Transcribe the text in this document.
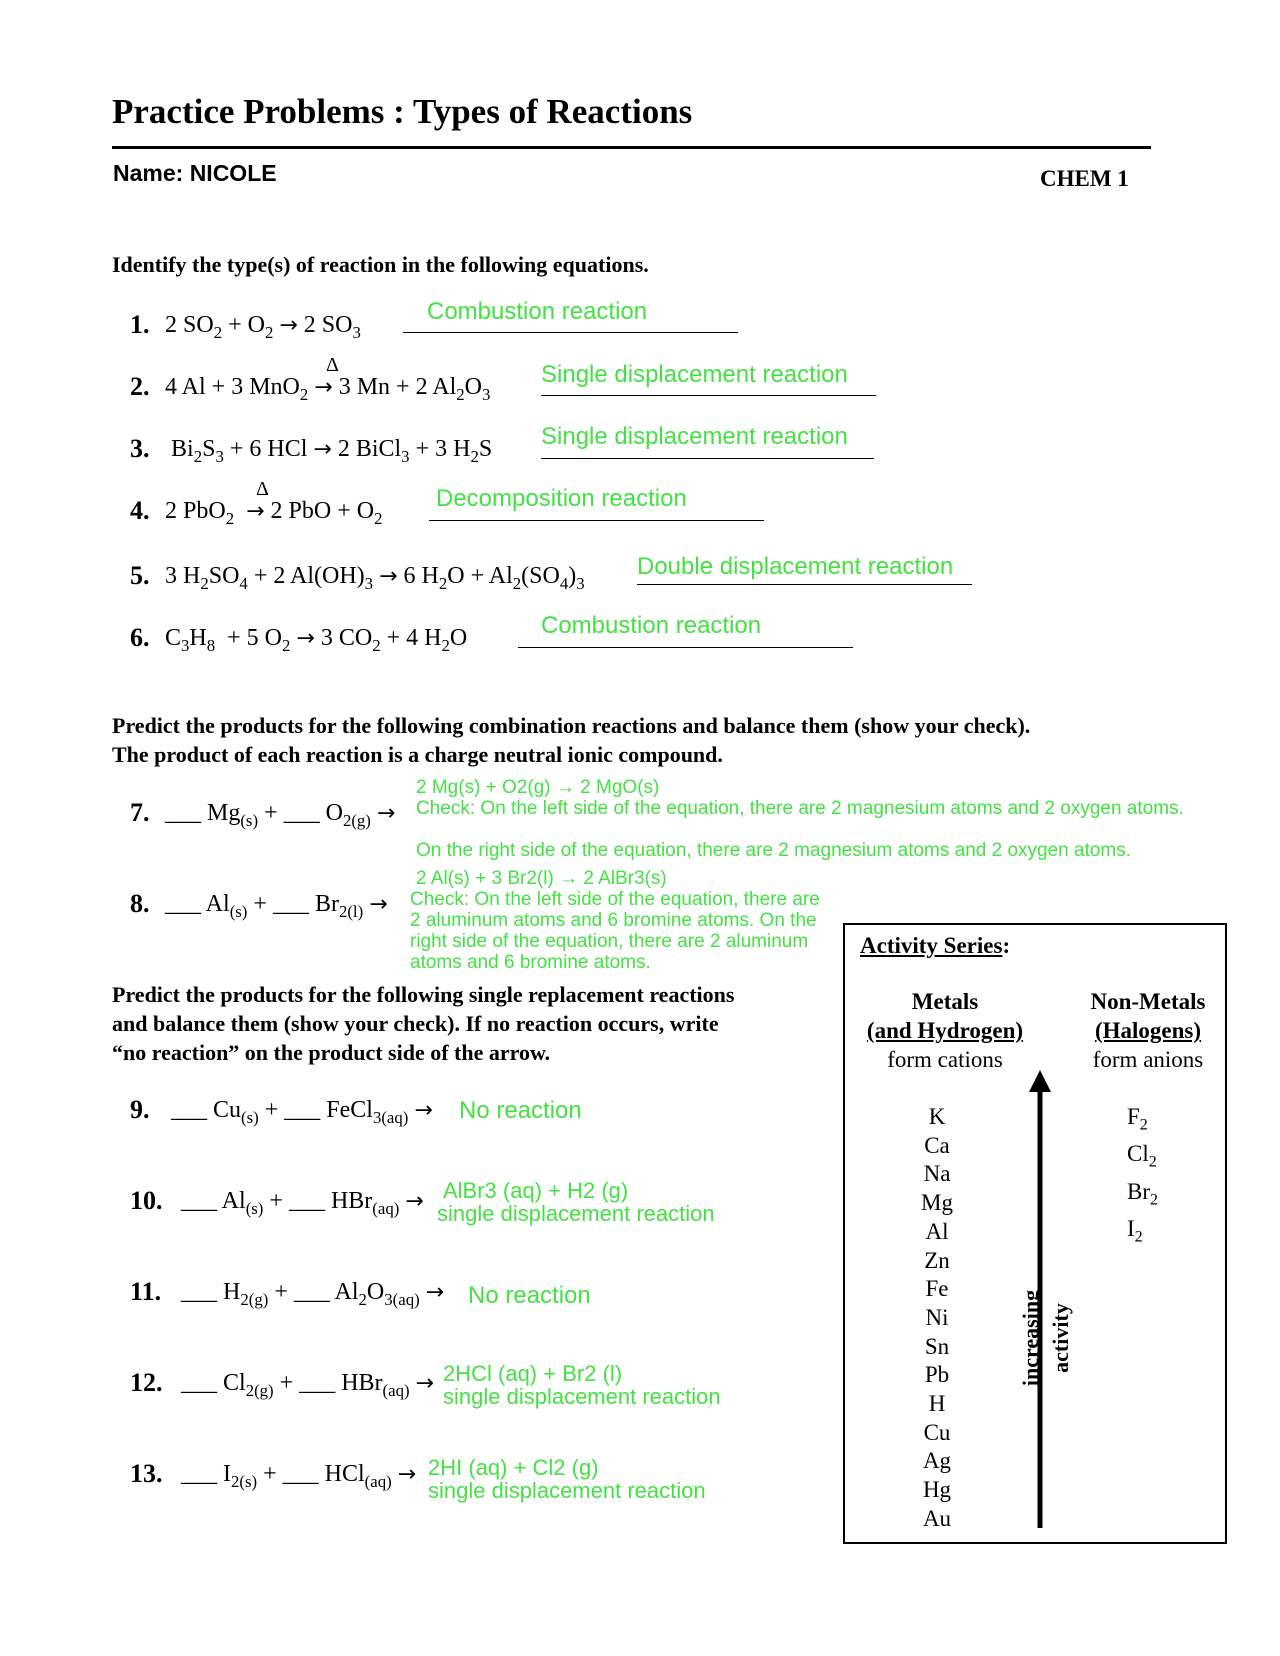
Practice Problems : Types of Reactions
Name: NICOLE	CHEM 1
Identify the type(s) of reaction in the following equations.
1. 2 $SO_2 + O_2 \to 2$ $SO_3$
Combustion reaction
Δ
2. 4 Al + 3 MnO$_2$ → 3 Mn + 2 $Al_2O_3$
Single displacement reaction
3. $Bi_2S_3 + 6$ HCl → 2 BiCl$_3$ + 3 $H_2S$ Single displacement reaction
Δ
4. 2 PbO$_2$ → 2 PbO + $O_2$
Decomposition reaction
5. 3 $H_2SO_4 + 2$ $Al(OH)_3 \to 6$ $H_2O + Al_2(SO_4)_3$
Double displacement reaction
6. $C_3H_8 + 5$ $O_2 \to 3$ $CO_2 + 4$ $H_2O$	Combustion reaction
Predict the products for the following combination reactions and balance them (show your check).
The product of each reaction is a charge neutral ionic compound.
7. ___ $Mg_{(s)}$ + ___ $O_{2(g)}$ →
2 Mg(s) + O2(g) → 2 MgO(s)
Check: On the left side of the equation, there are 2 magnesium atoms and 2 oxygen atoms.
On the right side of the equation, there are 2 magnesium atoms and 2 oxygen atoms.
2 Al(s) + 3 Br2(l) → 2 AlBr3(s)
8. ___ $Al_{(s)}$ + ___ $Br_{2(l)}$ → Check: On the left side of the equation, there are 2 aluminum atoms and 6 bromine atoms. On the right side of the equation, there are 2 aluminum atoms and 6 bromine atoms.
Predict the products for the following single replacement reactions
and balance them (show your check). If no reaction occurs, write
“no reaction” on the product side of the arrow.
9. ___ $Cu_{(s)}$ + ___ FeCl$_{3(aq)}$ → No reaction
10. ___ $Al_{(s)}$ + ___ HBr$_{(aq)}$ → AlBr3 (aq) + H2 (g)
single displacement reaction
11. ___ $H_{2(g)}$ + ___ $Al_2O_{3(aq)} \to No$ reaction
12. ___ $Cl_{2(g)}$ + ___ HBr$_{(aq)}$ → 2HCl (aq) + Br2 (l)
single displacement reaction
13. ___ $I_{2(s)}$ + ___ HCl$_{(aq)}$ → 2HI (aq) + Cl2 (g)
single displacement reaction
Activity Series:
Metals
(and Hydrogen)
form cations
Non-Metals
(Halogens)
form anions
K
Ca
Na
Mg
Al
Zn
Fe
Ni
Sn
Pb
H
Cu
Ag
Hg
Au
$F_2$
$Cl_2$
$Br_2$
$I_2$
increasing activity
